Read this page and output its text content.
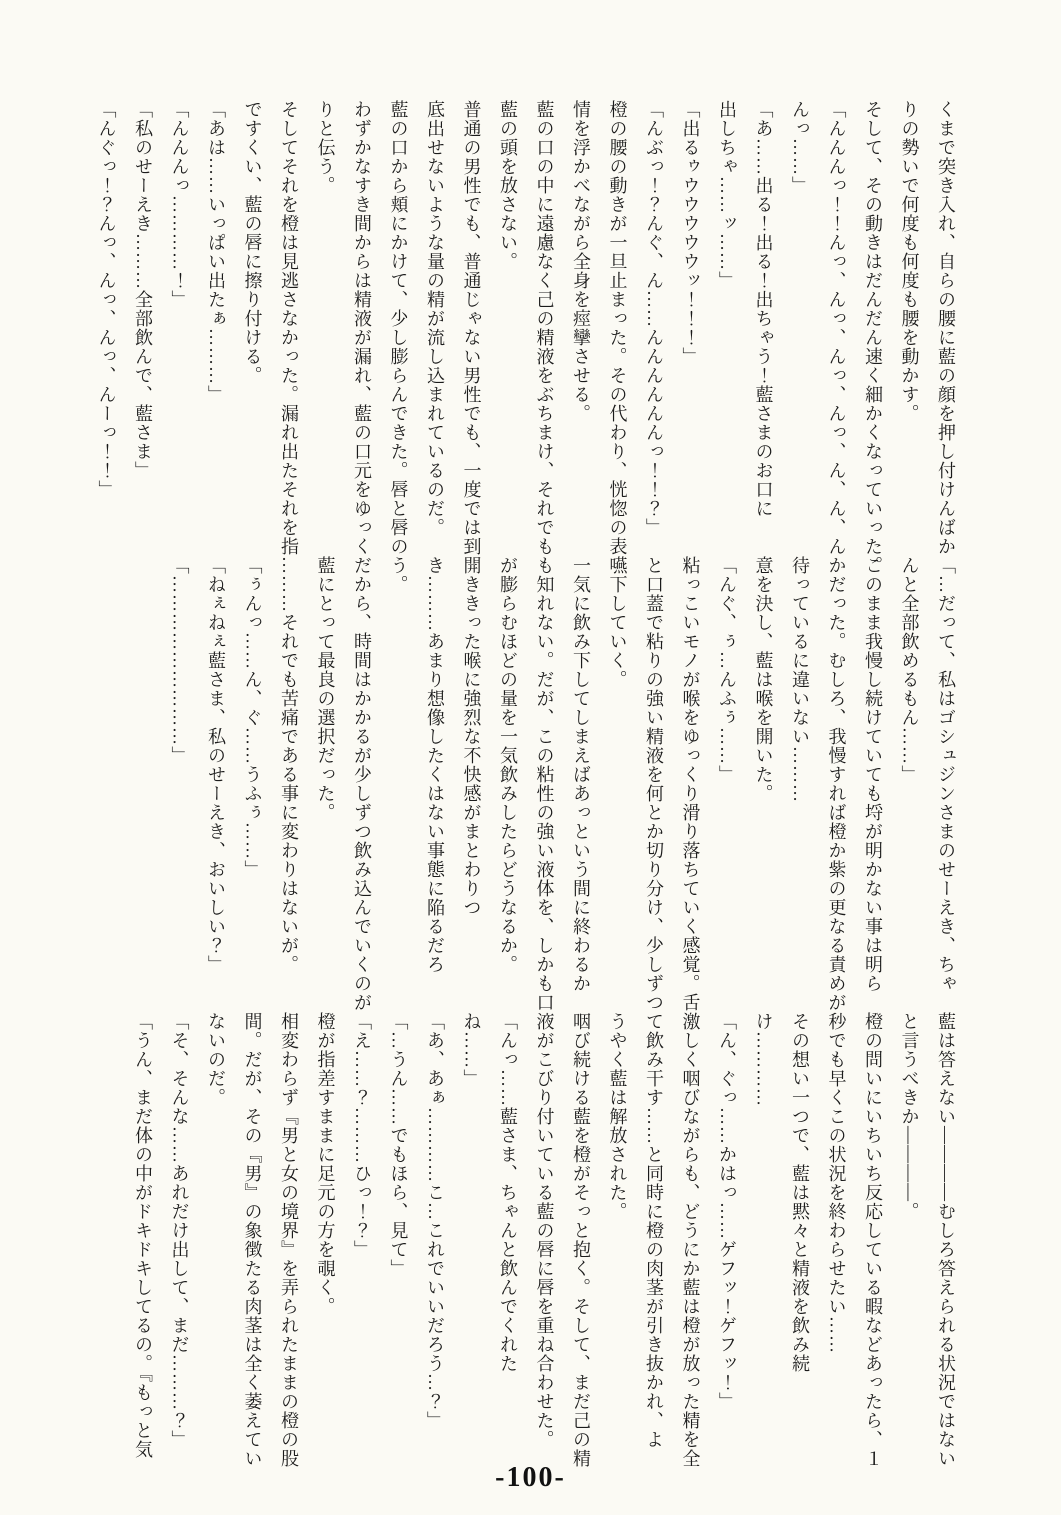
くまで突き入れ、自らの腰に藍の顔を押し付けんばか

りの勢いで何度も何度も腰を動かす。

そして、その動きはだんだん速く細かくなっていった。

「んんんっ！！んっ、んっ、んっ、んっ、ん、ん、ん

んっ……」

「あ……出る！出る！出ちゃう！藍さまのお口に

出しちゃ……ッ……」

「出るゥウウウウウッ！！！」

「んぶっ！？んぐ、ん……んんんんんんっ！！？」

橙の腰の動きが一旦止まった。その代わり、恍惚の表

情を浮かべながら全身を痙攣させる。

藍の口の中に遠慮なく己の精液をぶちまけ、それでも

藍の頭を放さない。

普通の男性でも、普通じゃない男性でも、一度では到

底出せないような量の精が流し込まれているのだ。

藍の口から頬にかけて、少し膨らんできた。唇と唇の

わずかなすき間からは精液が漏れ、藍の口元をゆっく

りと伝う。

そしてそれを橙は見逃さなかった。漏れ出たそれを指

ですくい、藍の唇に擦り付ける。

「あは……いっぱい出たぁ………」

「んんんっ…………！」

「私のせーえき………全部飲んで、藍さま」

「んぐっ！？んっ、んっ、んっ、んーっ！！」

「…だって、私はゴシュジンさまのせーえき、ちゃ

んと全部飲めるもん……」

このまま我慢し続けていても埒が明かない事は明ら

かだった。むしろ、我慢すれば橙か紫の更なる責めが

待っているに違いない………

意を決し、藍は喉を開いた。

「んぐ、ぅ…んふぅ……」

粘っこいモノが喉をゆっくり滑り落ちていく感覚。舌

と口蓋で粘りの強い精液を何とか切り分け、少しずつ

嚥下していく。

一気に飲み下してしまえばあっという間に終わるか

も知れない。だが、この粘性の強い液体を、しかも口

が膨らむほどの量を一気飲みしたらどうなるか。

開ききった喉に強烈な不快感がまとわりつ

き………あまり想像したくはない事態に陥るだろ

う。

だから、時間はかかるが少しずつ飲み込んでいくのが

藍にとって最良の選択だった。

………それでも苦痛である事に変わりはないが。

「ぅんっ……ん、ぐ……うふぅ……」

「ねぇねぇ藍さま、私のせーえき、おいしい？」

「………………………」

藍は答えない――――むしろ答えられる状況ではない

と言うべきか――――。

橙の問いにいちいち反応している暇などあったら、１

秒でも早くこの状況を終わらせたい……

その想い一つで、藍は黙々と精液を飲み続

け…………

「ん、ぐっ……かはっ……ゲフッ！ゲフッ！」

激しく咽びながらも、どうにか藍は橙が放った精を全

て飲み干す……と同時に橙の肉茎が引き抜かれ、よ

うやく藍は解放された。

咽び続ける藍を橙がそっと抱く。そして、まだ己の精

液がこびり付いている藍の唇に唇を重ね合わせた。

「んっ……藍さま、ちゃんと飲んでくれた

ね……」

「あ、あぁ…………こ…これでいいだろう…？」

「…うん……でもほら、見て」

「え……？………ひっ！？」

橙が指差すままに足元の方を覗く。

相変わらず『男と女の境界』を弄られたままの橙の股

間。だが、その『男』の象徴たる肉茎は全く萎えてい

ないのだ。

「そ、そんな……あれだけ出して、まだ………？」

「うん、まだ体の中がドキドキしてるの。『もっと気

-100-
